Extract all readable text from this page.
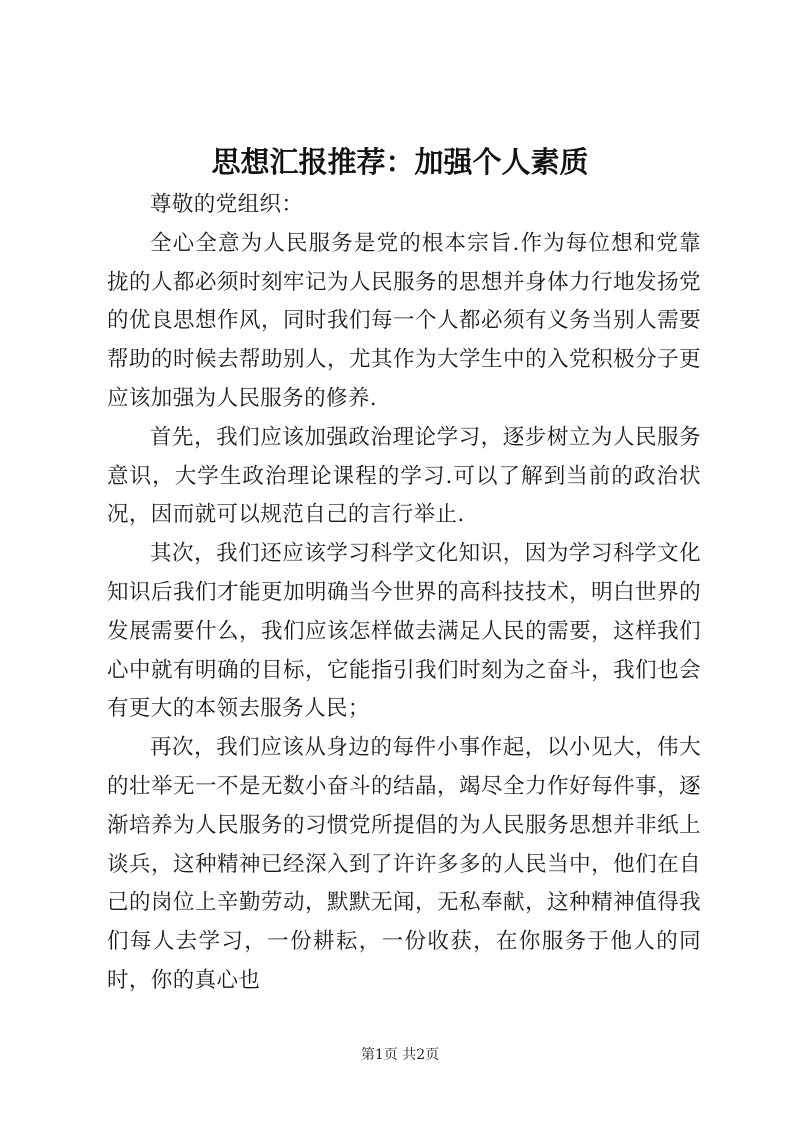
思想汇报推荐：加强个人素质

尊敬的党组织：

全心全意为人民服务是党的根本宗旨.作为每位想和党靠拢的人都必须时刻牢记为人民服务的思想并身体力行地发扬党的优良思想作风，同时我们每一个人都必须有义务当别人需要帮助的时候去帮助别人，尤其作为大学生中的入党积极分子更应该加强为人民服务的修养.

首先，我们应该加强政治理论学习，逐步树立为人民服务意识，大学生政治理论课程的学习.可以了解到当前的政治状况，因而就可以规范自己的言行举止.

其次，我们还应该学习科学文化知识，因为学习科学文化知识后我们才能更加明确当今世界的高科技技术，明白世界的发展需要什么，我们应该怎样做去满足人民的需要，这样我们心中就有明确的目标，它能指引我们时刻为之奋斗，我们也会有更大的本领去服务人民；

再次，我们应该从身边的每件小事作起，以小见大，伟大的壮举无一不是无数小奋斗的结晶，竭尽全力作好每件事，逐渐培养为人民服务的习惯党所提倡的为人民服务思想并非纸上谈兵，这种精神已经深入到了许许多多的人民当中，他们在自己的岗位上辛勤劳动，默默无闻，无私奉献，这种精神值得我们每人去学习，一份耕耘，一份收获，在你服务于他人的同时，你的真心也

第1页 共2页
